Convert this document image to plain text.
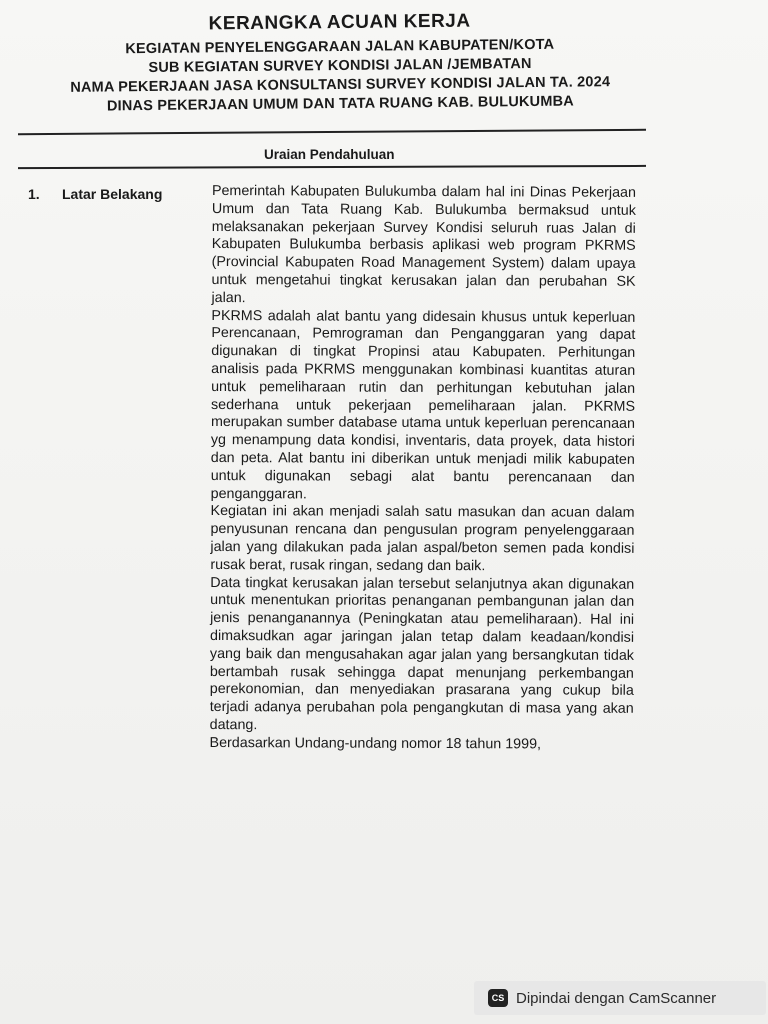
KERANGKA ACUAN KERJA
KEGIATAN PENYELENGGARAAN JALAN KABUPATEN/KOTA
SUB KEGIATAN SURVEY KONDISI JALAN /JEMBATAN
NAMA PEKERJAAN JASA KONSULTANSI SURVEY KONDISI JALAN TA. 2024
DINAS PEKERJAAN UMUM DAN TATA RUANG KAB. BULUKUMBA
Uraian Pendahuluan
1. Latar Belakang	Pemerintah Kabupaten Bulukumba dalam hal ini Dinas Pekerjaan Umum dan Tata Ruang Kab. Bulukumba bermaksud untuk melaksanakan pekerjaan Survey Kondisi seluruh ruas Jalan di Kabupaten Bulukumba berbasis aplikasi web program PKRMS (Provincial Kabupaten Road Management System) dalam upaya untuk mengetahui tingkat kerusakan jalan dan perubahan SK jalan.

PKRMS adalah alat bantu yang didesain khusus untuk keperluan Perencanaan, Pemrograman dan Penganggaran yang dapat digunakan di tingkat Propinsi atau Kabupaten. Perhitungan analisis pada PKRMS menggunakan kombinasi kuantitas aturan untuk pemeliharaan rutin dan perhitungan kebutuhan jalan sederhana untuk pekerjaan pemeliharaan jalan. PKRMS merupakan sumber database utama untuk keperluan perencanaan yg menampung data kondisi, inventaris, data proyek, data histori dan peta. Alat bantu ini diberikan untuk menjadi milik kabupaten untuk digunakan sebagi alat bantu perencanaan dan penganggaran.

Kegiatan ini akan menjadi salah satu masukan dan acuan dalam penyusunan rencana dan pengusulan program penyelenggaraan jalan yang dilakukan pada jalan aspal/beton semen pada kondisi rusak berat, rusak ringan, sedang dan baik.

Data tingkat kerusakan jalan tersebut selanjutnya akan digunakan untuk menentukan prioritas penanganan pembangunan jalan dan jenis penanganannya (Peningkatan atau pemeliharaan). Hal ini dimaksudkan agar jaringan jalan tetap dalam keadaan/kondisi yang baik dan mengusahakan agar jalan yang bersangkutan tidak bertambah rusak sehingga dapat menunjang perkembangan perekonomian, dan menyediakan prasarana yang cukup bila terjadi adanya perubahan pola pengangkutan di masa yang akan datang.

Berdasarkan Undang-undang nomor 18 tahun 1999,

CS Dipindai dengan CamScanner
